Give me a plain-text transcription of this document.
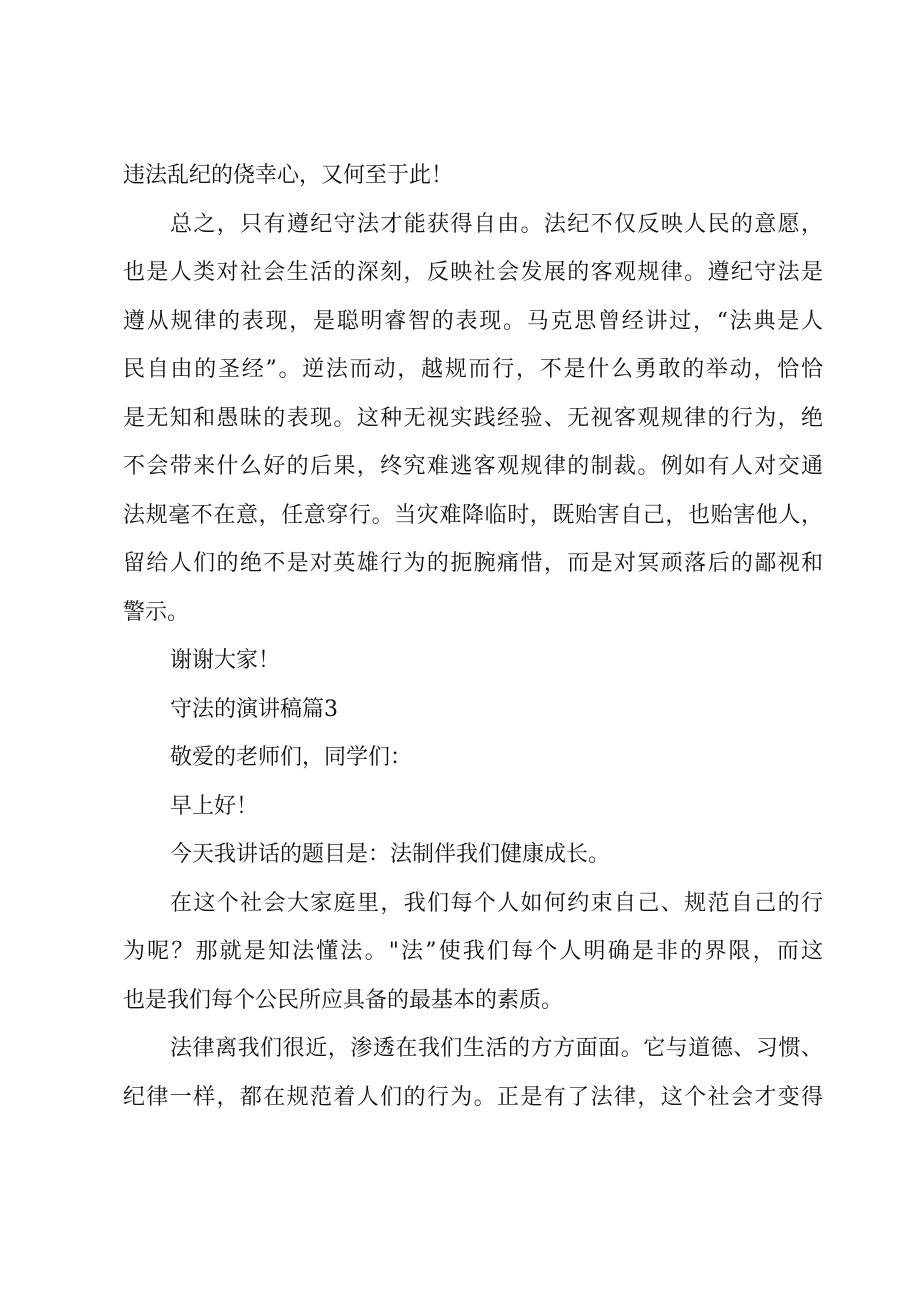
违法乱纪的侥幸心，又何至于此！
总之，只有遵纪守法才能获得自由。法纪不仅反映人民的意愿，
也是人类对社会生活的深刻，反映社会发展的客观规律。遵纪守法是
遵从规律的表现，是聪明睿智的表现。马克思曾经讲过，“法典是人
民自由的圣经”。逆法而动，越规而行，不是什么勇敢的举动，恰恰
是无知和愚昧的表现。这种无视实践经验、无视客观规律的行为，绝
不会带来什么好的后果，终究难逃客观规律的制裁。例如有人对交通
法规毫不在意，任意穿行。当灾难降临时，既贻害自己，也贻害他人，
留给人们的绝不是对英雄行为的扼腕痛惜，而是对冥顽落后的鄙视和
警示。
谢谢大家！
守法的演讲稿篇3
敬爱的老师们，同学们：
早上好！
今天我讲话的题目是：法制伴我们健康成长。
在这个社会大家庭里，我们每个人如何约束自己、规范自己的行
为呢？那就是知法懂法。"法”使我们每个人明确是非的界限，而这
也是我们每个公民所应具备的最基本的素质。
法律离我们很近，渗透在我们生活的方方面面。它与道德、习惯、
纪律一样，都在规范着人们的行为。正是有了法律，这个社会才变得
